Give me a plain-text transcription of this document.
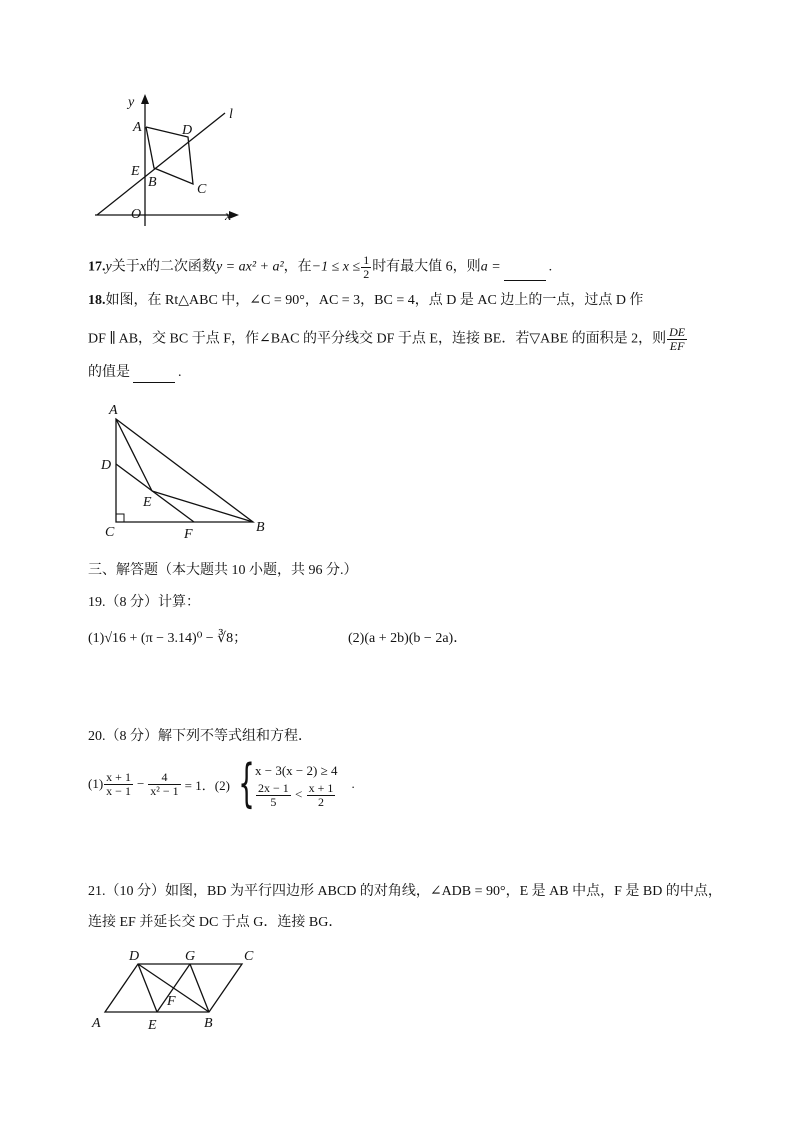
y
l
A	D
E
B	C
O	x
17.y关于x的二次函数y = ax² + a²，在$-1 \le x \le \frac{1}{2}$ 时有最大值 6，则a =	.
18.如图，在 Rt△ABC 中，∠C = 90°，AC = 3，BC = 4，点 D 是 AC 边上的一点，过点 D 作
DF ∥ AB，交 BC 于点 F，作∠BAC 的平分线交 DF 于点 E，连接 BE．若▽ABE 的面积是 2，则 $\frac{DE}{EF}$
的值是	.
A
D
E
C	F	B
三、解答题（本大题共 10 小题，共 96 分.）
19.（8 分）计算：
(1)√16 + (π − 3.14)⁰ − ∛8；	(2)(a + 2b)(b − 2a)．
20.（8 分）解下列不等式组和方程．
$(1) \frac{x + 1}{x - 1} - \frac{4}{\text{x² − 1}} = 1$．(2) { x − 3(x − 2) ≥ 4
$\frac{2x - 1}{5} < \frac{x + 1}{2}$ .
21.（10 分）如图，BD 为平行四边形 ABCD 的对角线，∠ADB = 90°，E 是 AB 中点，F 是 BD 的中点，
连接 EF 并延长交 DC 于点 G．连接 BG．
D	G	C
F
A	E	B
